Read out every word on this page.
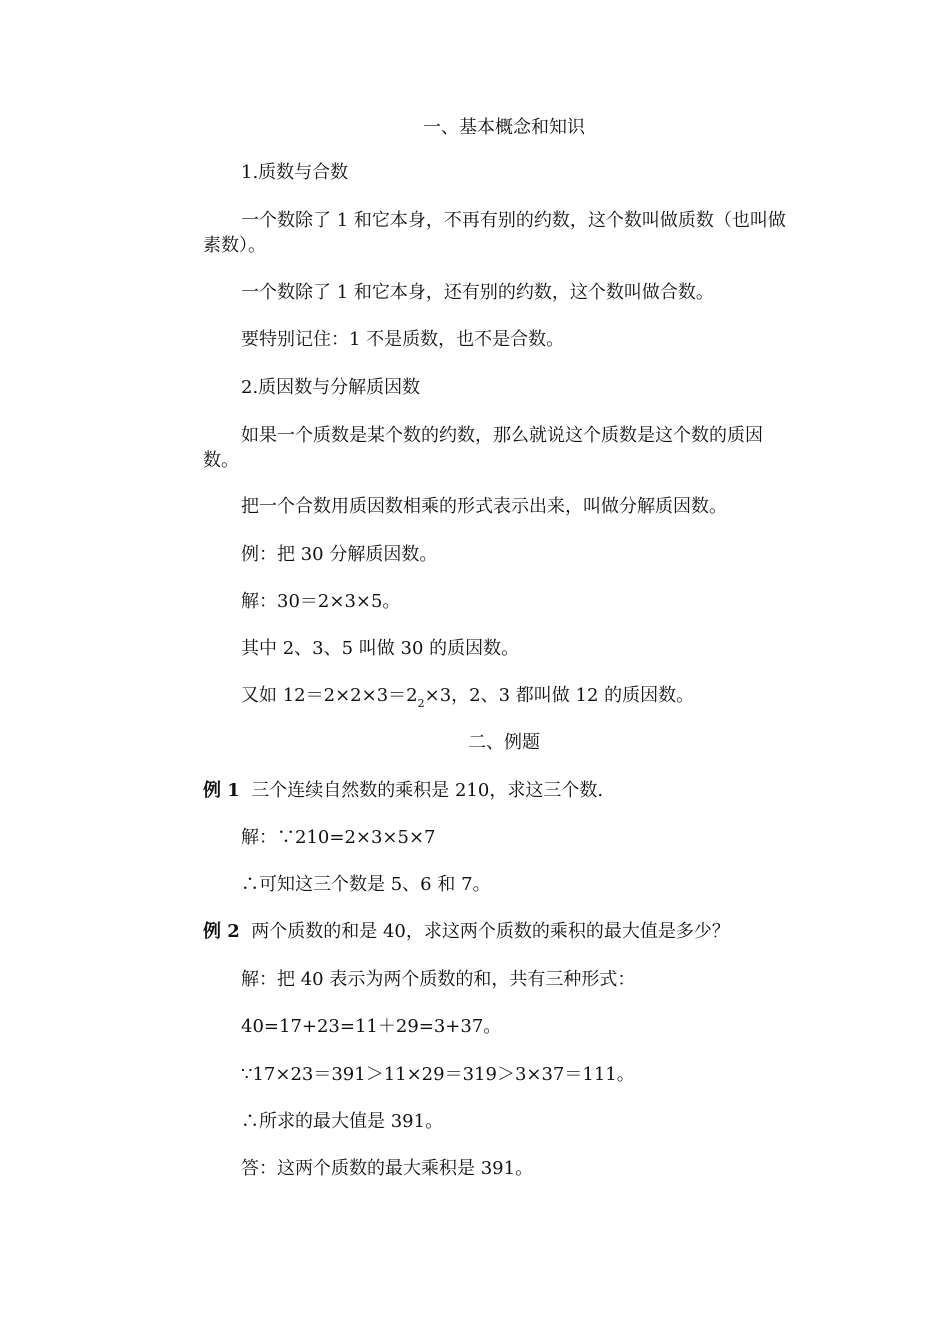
一、基本概念和知识
1.质数与合数
一个数除了 1 和它本身，不再有别的约数，这个数叫做质数（也叫做
素数）。
一个数除了 1 和它本身，还有别的约数，这个数叫做合数。
要特别记住：1 不是质数，也不是合数。
2.质因数与分解质因数
如果一个质数是某个数的约数，那么就说这个质数是这个数的质因
数。
把一个合数用质因数相乘的形式表示出来，叫做分解质因数。
例：把 30 分解质因数。
解：30＝2×3×5。
其中 2、3、5 叫做 30 的质因数。
又如 $12=2\times 2\times 3=2_2\times 3$，2、3 都叫做 12 的质因数。
二、例题
例 1 三个连续自然数的乘积是 210，求这三个数.
解：∵210=2×3×5×7
∴可知这三个数是 5、6 和 7。
例 2 两个质数的和是 40，求这两个质数的乘积的最大值是多少？
解：把 40 表示为两个质数的和，共有三种形式：
40=17+23=11＋29=3+37。
∵17×23＝391＞11×29＝319＞3×37＝111。
∴所求的最大值是 391。
答：这两个质数的最大乘积是 391。
